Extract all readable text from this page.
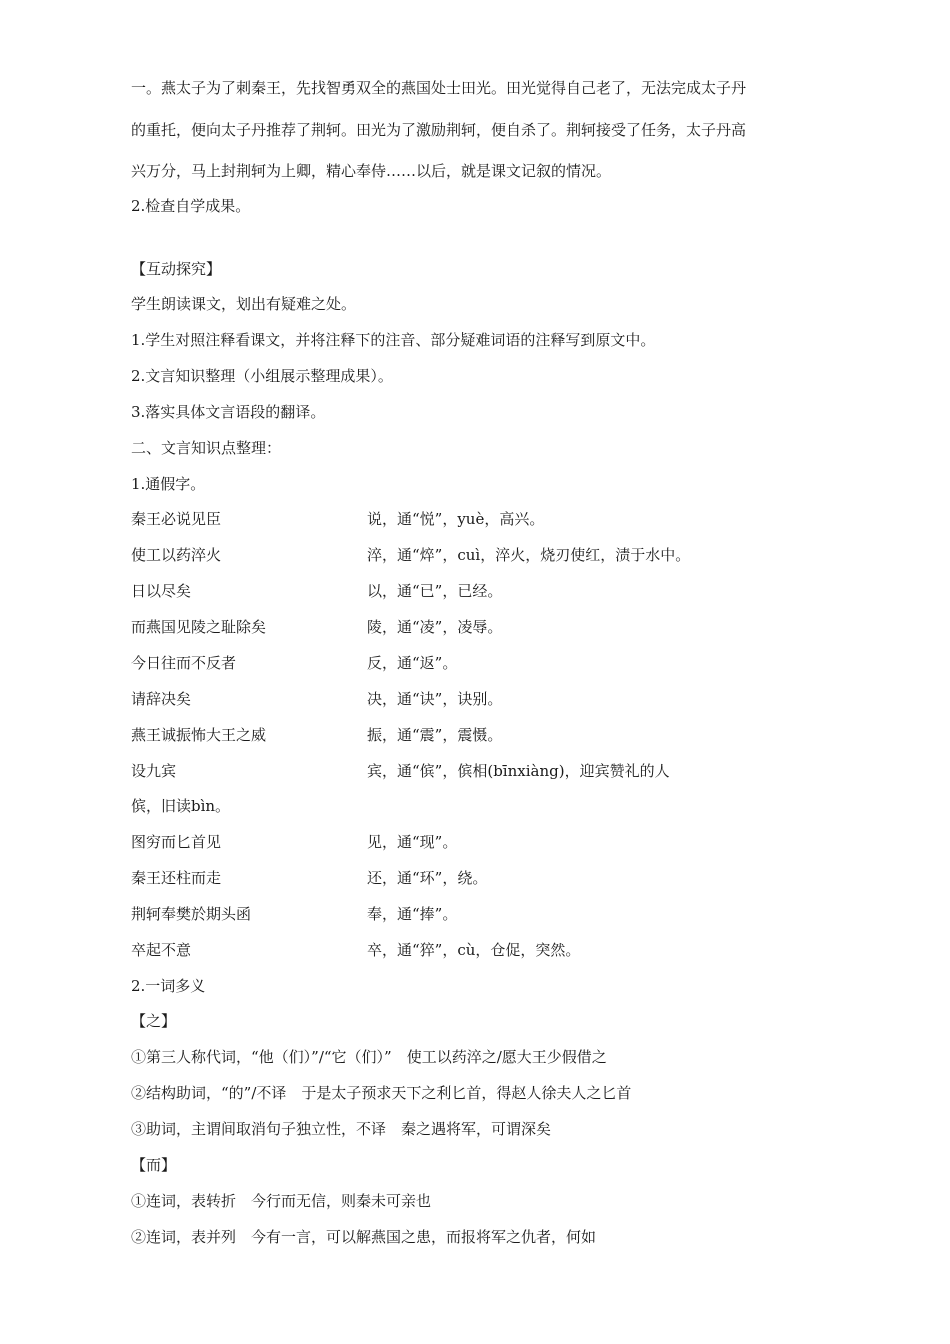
一。燕太子为了刺秦王，先找智勇双全的燕国处士田光。田光觉得自己老了，无法完成太子丹
的重托，便向太子丹推荐了荆轲。田光为了激励荆轲，便自杀了。荆轲接受了任务，太子丹高
兴万分，马上封荆轲为上卿，精心奉侍……以后，就是课文记叙的情况。
2.检查自学成果。
【互动探究】
学生朗读课文，划出有疑难之处。
1.学生对照注释看课文，并将注释下的注音、部分疑难词语的注释写到原文中。
2.文言知识整理（小组展示整理成果）。
3.落实具体文言语段的翻译。
二、文言知识点整理：
1.通假字。
秦王必说见臣	说，通“悦”，yuè，高兴。
使工以药淬火	淬，通“焠”，cuì，淬火，烧刃使红，渍于水中。
日以尽矣	以，通“已”，已经。
而燕国见陵之耻除矣	陵，通“凌”，凌辱。
今日往而不反者	反，通“返”。
请辞决矣	决，通“诀”，诀别。
燕王诚振怖大王之威	振，通“震”，震慑。
设九宾	宾，通“傧”，傧相(bīnxiàng)，迎宾赞礼的人
傧，旧读bìn。
图穷而匕首见	见，通“现”。
秦王还柱而走	还，通“环”，绕。
荆轲奉樊於期头函	奉，通“捧”。
卒起不意	卒，通“猝”，cù，仓促，突然。
2.一词多义
【之】
①第三人称代词，“他（们）”/“它（们）”　使工以药淬之/愿大王少假借之
②结构助词，“的”/不译　于是太子预求天下之利匕首，得赵人徐夫人之匕首
③助词，主谓间取消句子独立性，不译　秦之遇将军，可谓深矣
【而】
①连词，表转折　今行而无信，则秦未可亲也
②连词，表并列　今有一言，可以解燕国之患，而报将军之仇者，何如
